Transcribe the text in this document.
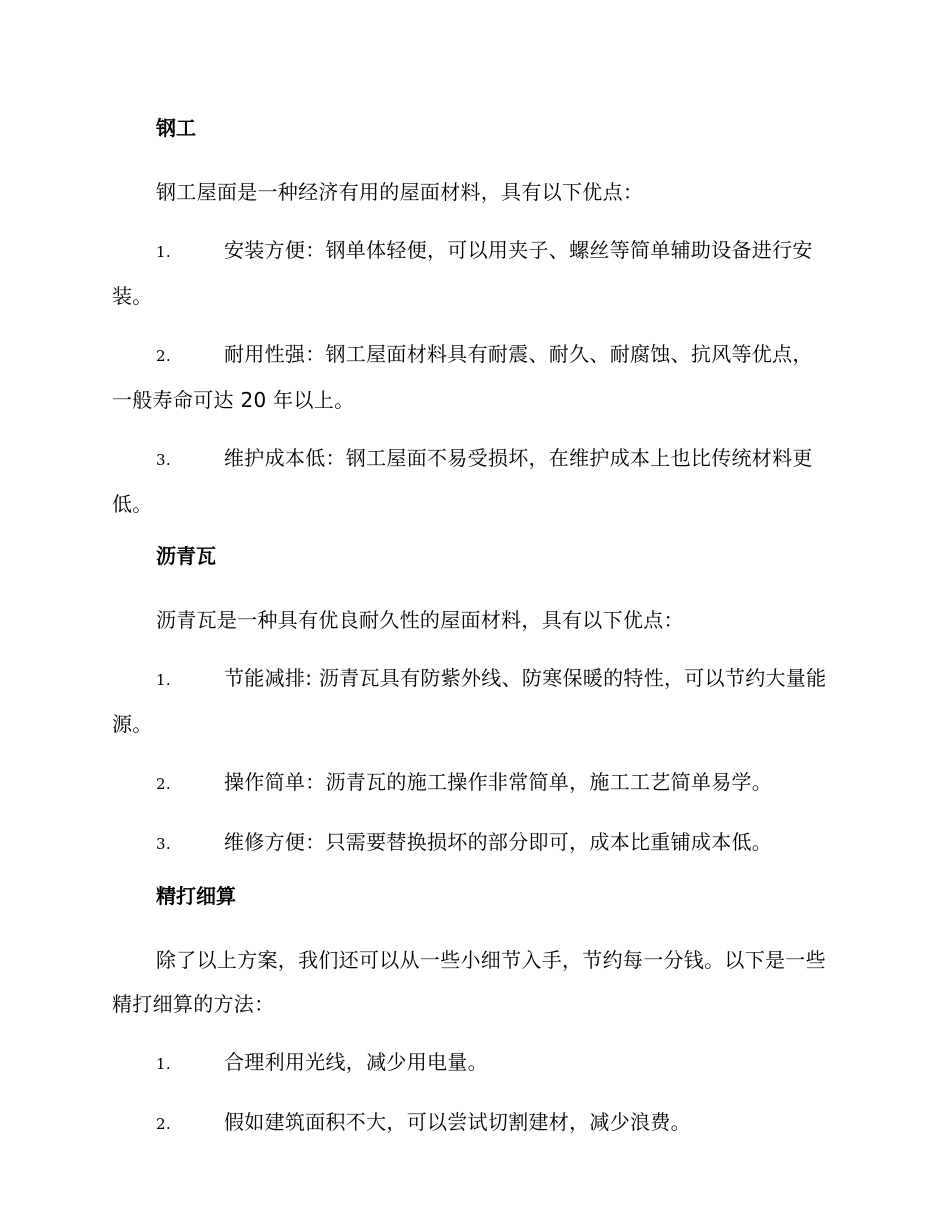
钢工
钢工屋面是一种经济有用的屋面材料，具有以下优点：
1.	安装方便：钢单体轻便，可以用夹子、螺丝等简单辅助设备进行安装。
2.	耐用性强：钢工屋面材料具有耐震、耐久、耐腐蚀、抗风等优点，一般寿命可达 20 年以上。
3.	维护成本低：钢工屋面不易受损坏，在维护成本上也比传统材料更低。
沥青瓦
沥青瓦是一种具有优良耐久性的屋面材料，具有以下优点：
1.	节能减排: 沥青瓦具有防紫外线、防寒保暖的特性，可以节约大量能源。
2.	操作简单：沥青瓦的施工操作非常简单，施工工艺简单易学。
3.	维修方便：只需要替换损坏的部分即可，成本比重铺成本低。
精打细算
除了以上方案，我们还可以从一些小细节入手，节约每一分钱。以下是一些精打细算的方法：
1.	合理利用光线，减少用电量。
2.	假如建筑面积不大，可以尝试切割建材，减少浪费。
